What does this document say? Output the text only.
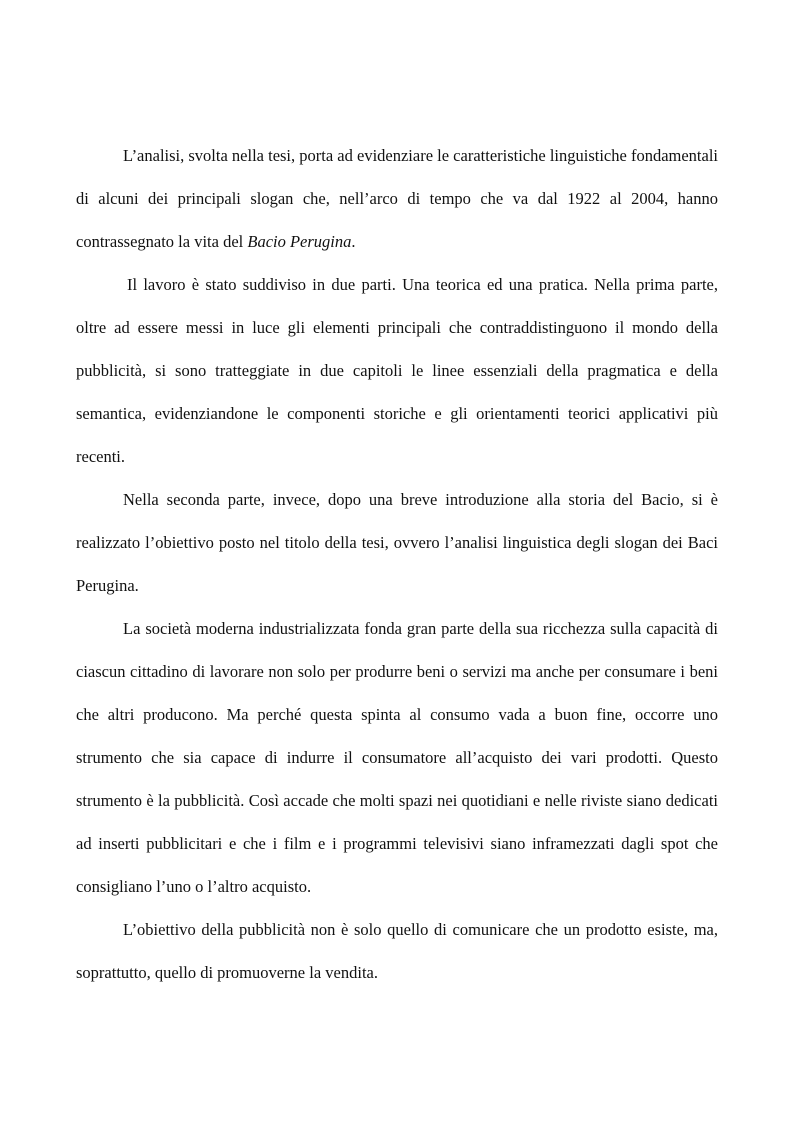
L’analisi, svolta nella tesi, porta ad evidenziare le caratteristiche linguistiche fondamentali di alcuni dei principali slogan che, nell’arco di tempo che va dal 1922 al 2004, hanno contrassegnato la vita del Bacio Perugina.

Il lavoro è stato suddiviso in due parti. Una teorica ed una pratica. Nella prima parte, oltre ad essere messi in luce gli elementi principali che contraddistinguono il mondo della pubblicità, si sono tratteggiate in due capitoli le linee essenziali della pragmatica e della semantica, evidenziandone le componenti storiche e gli orientamenti teorici applicativi più recenti.

Nella seconda parte, invece, dopo una breve introduzione alla storia del Bacio, si è realizzato l’obiettivo posto nel titolo della tesi, ovvero l’analisi linguistica degli slogan dei Baci Perugina.

La società moderna industrializzata fonda gran parte della sua ricchezza sulla capacità di ciascun cittadino di lavorare non solo per produrre beni o servizi ma anche per consumare i beni che altri producono. Ma perché questa spinta al consumo vada a buon fine, occorre uno strumento che sia capace di indurre il consumatore all’acquisto dei vari prodotti. Questo strumento è la pubblicità. Così accade che molti spazi nei quotidiani e nelle riviste siano dedicati ad inserti pubblicitari e che i film e i programmi televisivi siano inframezzati dagli spot che consigliano l’uno o l’altro acquisto.

L’obiettivo della pubblicità non è solo quello di comunicare che un prodotto esiste, ma, soprattutto, quello di promuoverne la vendita.
